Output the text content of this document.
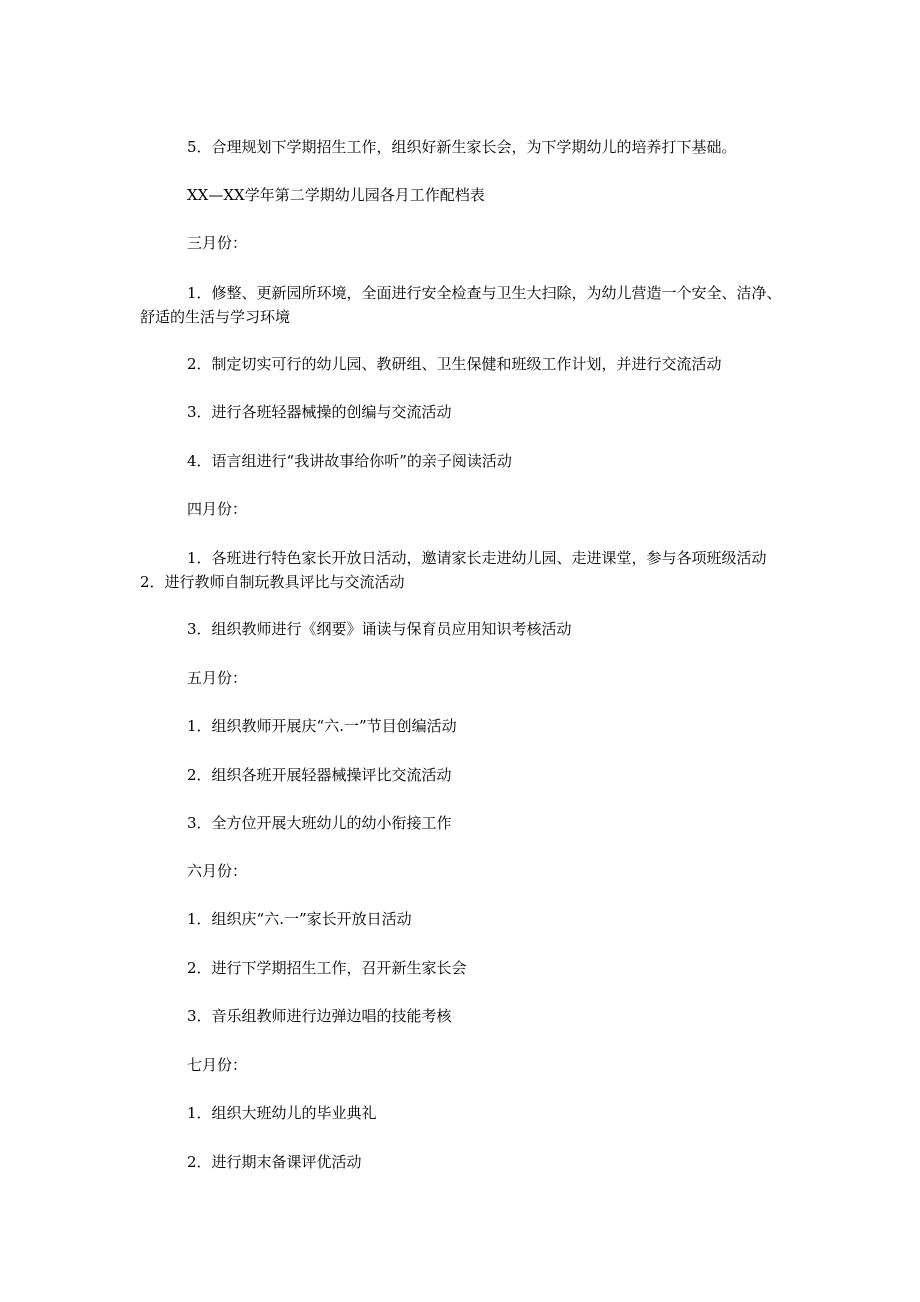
5．合理规划下学期招生工作，组织好新生家长会，为下学期幼儿的培养打下基础。

XX—XX学年第二学期幼儿园各月工作配档表

三月份：

1．修整、更新园所环境，全面进行安全检查与卫生大扫除，为幼儿营造一个安全、洁净、舒适的生活与学习环境

2．制定切实可行的幼儿园、教研组、卫生保健和班级工作计划，并进行交流活动

3．进行各班轻器械操的创编与交流活动

4．语言组进行“我讲故事给你听”的亲子阅读活动

四月份：

1．各班进行特色家长开放日活动，邀请家长走进幼儿园、走进课堂，参与各项班级活动 2．进行教师自制玩教具评比与交流活动

3．组织教师进行《纲要》诵读与保育员应用知识考核活动

五月份：

1．组织教师开展庆“六.一”节目创编活动

2．组织各班开展轻器械操评比交流活动

3．全方位开展大班幼儿的幼小衔接工作

六月份：

1．组织庆“六.一”家长开放日活动

2．进行下学期招生工作，召开新生家长会

3．音乐组教师进行边弹边唱的技能考核

七月份：

1．组织大班幼儿的毕业典礼

2．进行期末备课评优活动
